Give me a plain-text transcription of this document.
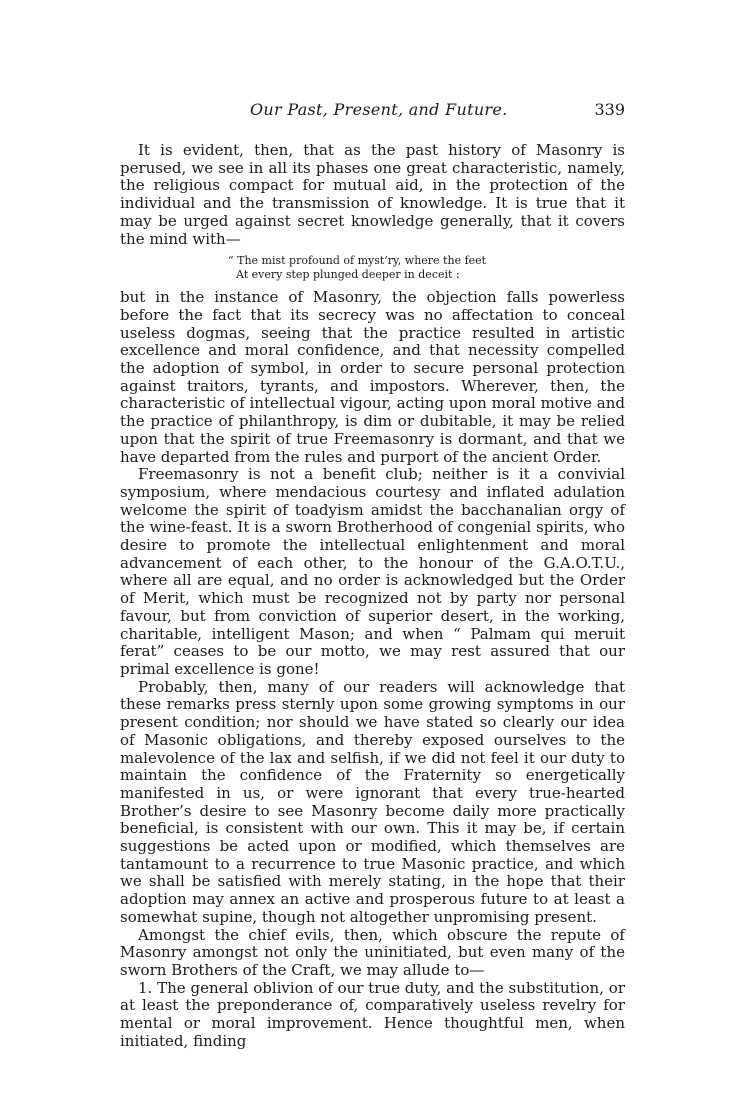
Our Past, Present, and Future.	339

It is evident, then, that as the past history of Masonry is perused, we see in all its phases one great characteristic, namely, the religious compact for mutual aid, in the protection of the individual and the transmission of knowledge. It is true that it may be urged against secret knowledge generally, that it covers the mind with—

“ The mist profound of myst’ry, where the feet
At every step plunged deeper in deceit :

but in the instance of Masonry, the objection falls powerless before the fact that its secrecy was no affectation to conceal useless dogmas, seeing that the practice resulted in artistic excellence and moral confidence, and that necessity compelled the adoption of symbol, in order to secure personal protection against traitors, tyrants, and impostors. Wherever, then, the characteristic of intellectual vigour, acting upon moral motive and the practice of philanthropy, is dim or dubitable, it may be relied upon that the spirit of true Freemasonry is dormant, and that we have departed from the rules and purport of the ancient Order.

Freemasonry is not a benefit club; neither is it a convivial symposium, where mendacious courtesy and inflated adulation welcome the spirit of toadyism amidst the bacchanalian orgy of the wine-feast. It is a sworn Brotherhood of congenial spirits, who desire to promote the intellectual enlightenment and moral advancement of each other, to the honour of the G.A.O.T.U., where all are equal, and no order is acknowledged but the Order of Merit, which must be recognized not by party nor personal favour, but from conviction of superior desert, in the working, charitable, intelligent Mason; and when “ Palmam qui meruit ferat” ceases to be our motto, we may rest assured that our primal excellence is gone!

Probably, then, many of our readers will acknowledge that these remarks press sternly upon some growing symptoms in our present condition; nor should we have stated so clearly our idea of Masonic obligations, and thereby exposed ourselves to the malevolence of the lax and selfish, if we did not feel it our duty to maintain the confidence of the Fraternity so energetically manifested in us, or were ignorant that every true-hearted Brother’s desire to see Masonry become daily more practically beneficial, is consistent with our own. This it may be, if certain suggestions be acted upon or modified, which themselves are tantamount to a recurrence to true Masonic practice, and which we shall be satisfied with merely stating, in the hope that their adoption may annex an active and prosperous future to at least a somewhat supine, though not altogether unpromising present.

Amongst the chief evils, then, which obscure the repute of Masonry amongst not only the uninitiated, but even many of the sworn Brothers of the Craft, we may allude to—

1. The general oblivion of our true duty, and the substitution, or at least the preponderance of, comparatively useless revelry for mental or moral improvement. Hence thoughtful men, when initiated, finding
